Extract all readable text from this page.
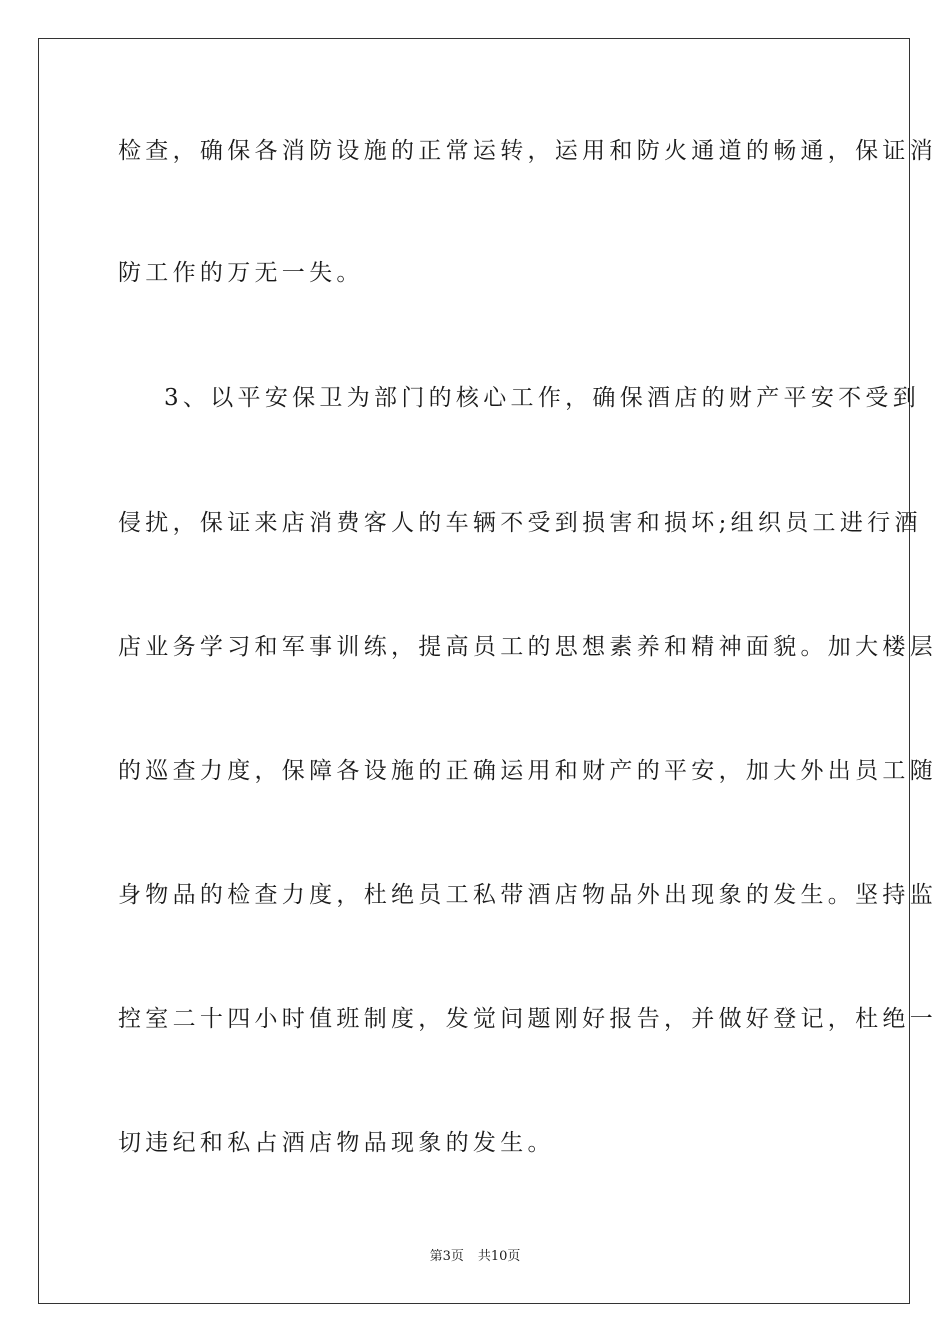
检查，确保各消防设施的正常运转，运用和防火通道的畅通，保证消
防工作的万无一失。
3、以平安保卫为部门的核心工作，确保酒店的财产平安不受到
侵扰，保证来店消费客人的车辆不受到损害和损坏;组织员工进行酒
店业务学习和军事训练，提高员工的思想素养和精神面貌。加大楼层
的巡查力度，保障各设施的正确运用和财产的平安，加大外出员工随
身物品的检查力度，杜绝员工私带酒店物品外出现象的发生。坚持监
控室二十四小时值班制度，发觉问题刚好报告，并做好登记，杜绝一
切违纪和私占酒店物品现象的发生。
第3页 共10页
